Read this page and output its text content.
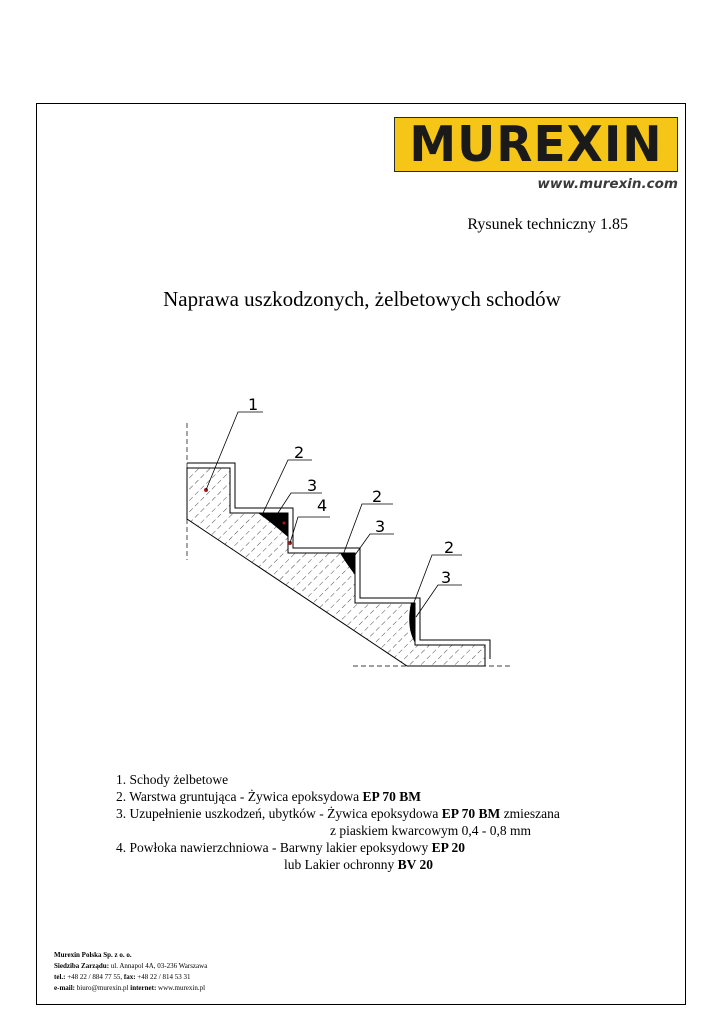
MUREXIN
www.murexin.com
Rysunek techniczny 1.85
Naprawa uszkodzonych, żelbetowych schodów
1
2
3
4	2
3
2
3
1. Schody żelbetowe
2. Warstwa gruntująca - Żywica epoksydowa EP 70 BM
3. Uzupełnienie uszkodzeń, ubytków - Żywica epoksydowa EP 70 BM zmieszana
z piaskiem kwarcowym 0,4 - 0,8 mm
4. Powłoka nawierzchniowa - Barwny lakier epoksydowy EP 20
lub Lakier ochronny BV 20
Murexin Polska Sp. z o. o.
Siedziba Zarządu: ul. Annapol 4A, 03-236 Warszawa
tel.: +48 22 / 884 77 55, fax: +48 22 / 814 53 31
e-mail: biuro@murexin.pl internet: www.murexin.pl
